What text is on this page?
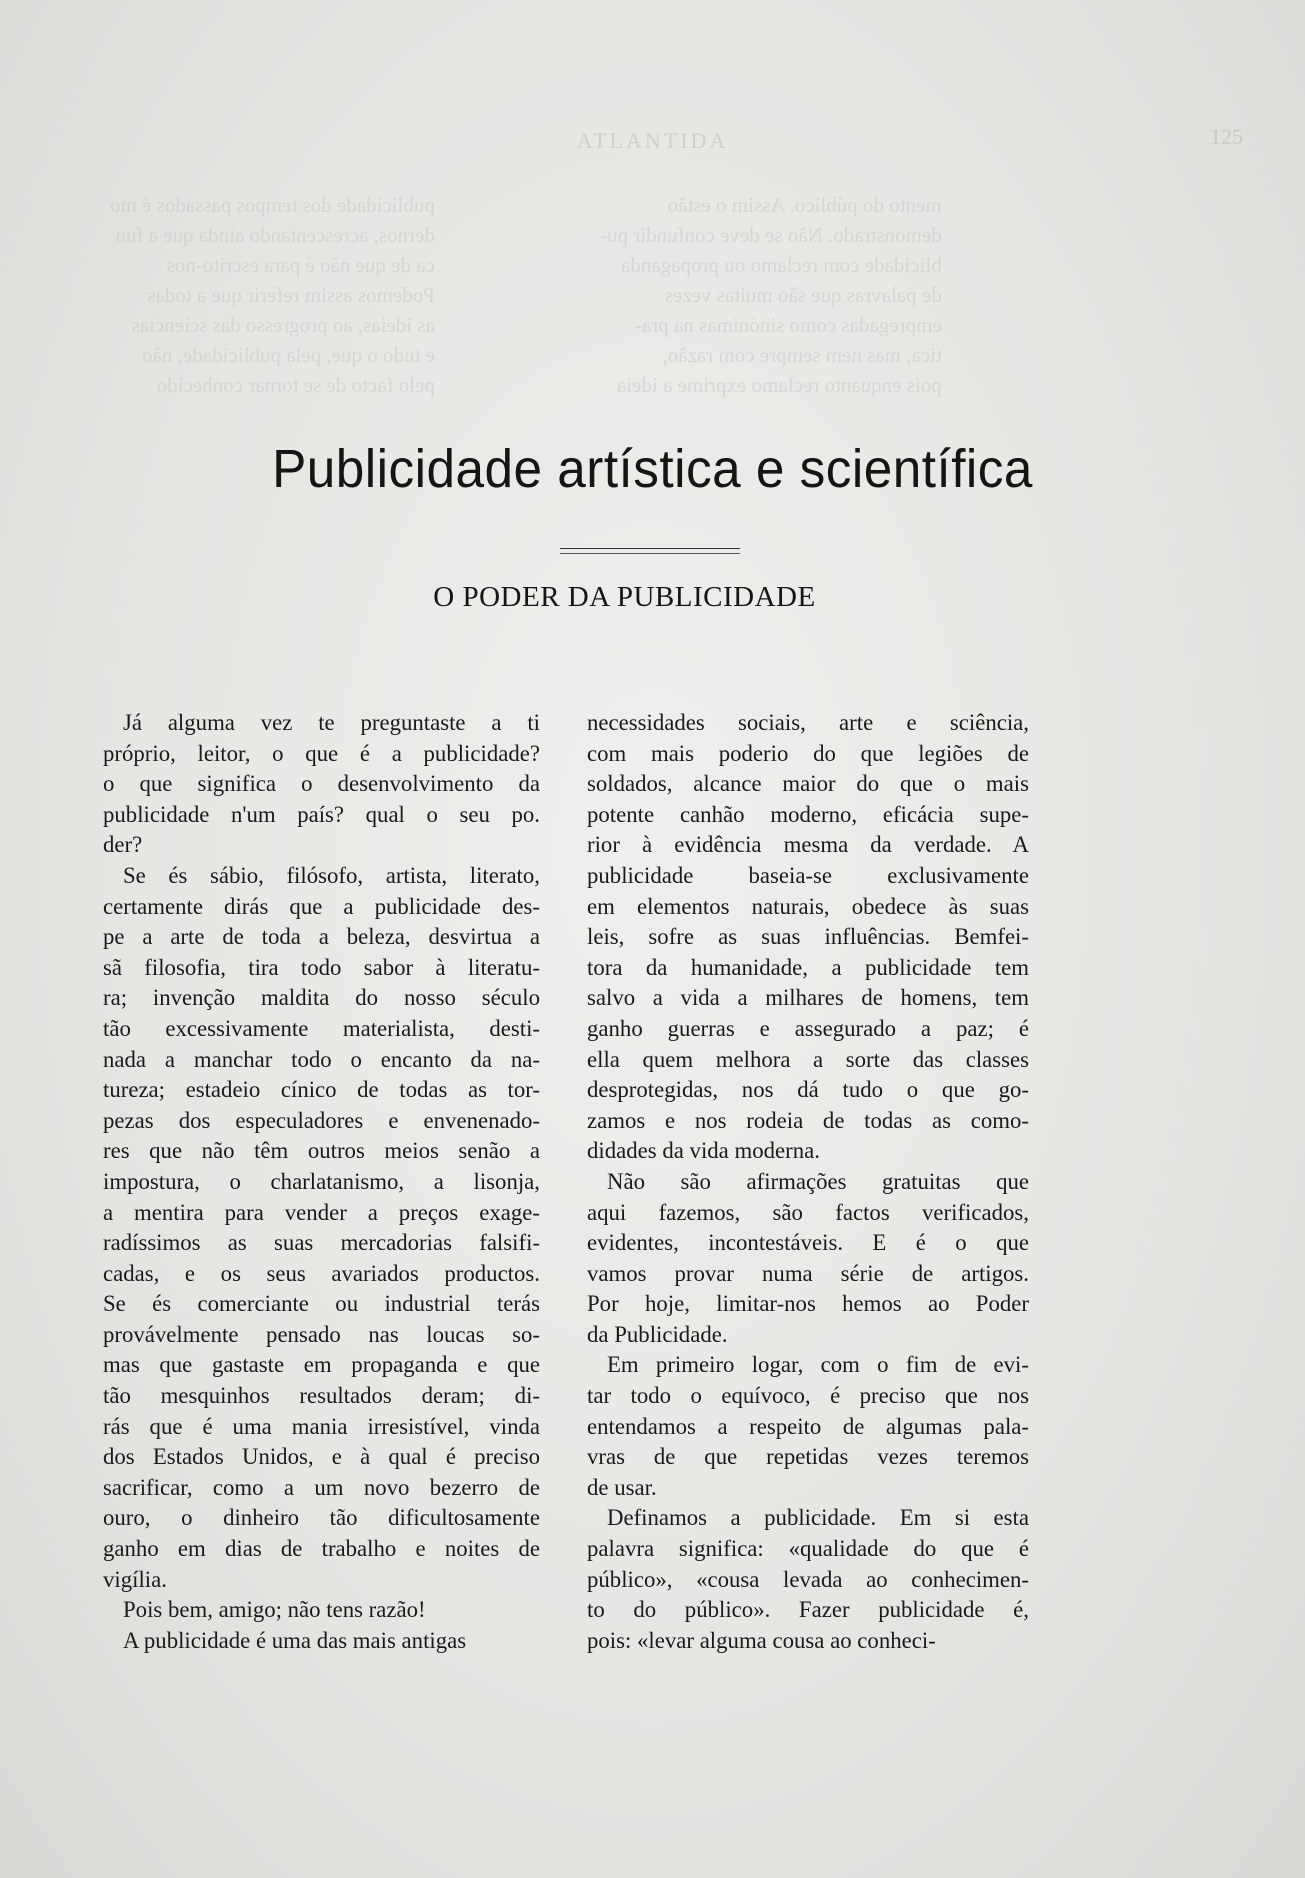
publicidade dos tempos passados é mo
dernos, acrescentando ainda que a fun
ca de que não é para escrito-nos
Podemos assim referir que a todas
as ideias, ao progresso das sciencias
e tudo o que, pela publicidade, não
pelo facto de se tornar conhecido
mento do público. Assim o estão
demonstrado. Não se deve confundir pu-
blicidade com reclamo ou propaganda
de palavras que são muitas vezes
empregadas como sinónimas na pra-
tica, mas nem sempre com razão,
pois enquanto reclamo exprime a ideia
ATLANTIDA	125
Publicidade artística e scientífica
O PODER DA PUBLICIDADE
Já alguma vez te preguntaste a ti
próprio, leitor, o que é a publicidade?
o que significa o desenvolvimento da
publicidade n'um país? qual o seu po.
der?
Se és sábio, filósofo, artista, literato,
certamente dirás que a publicidade des-
pe a arte de toda a beleza, desvirtua a
sã filosofia, tira todo sabor à literatu-
ra; invenção maldita do nosso século
tão excessivamente materialista, desti-
nada a manchar todo o encanto da na-
tureza; estadeio cínico de todas as tor-
pezas dos especuladores e envenenado-
res que não têm outros meios senão a
impostura, o charlatanismo, a lisonja,
a mentira para vender a preços exage-
radíssimos as suas mercadorias falsifi-
cadas, e os seus avariados productos.
Se és comerciante ou industrial terás
provávelmente pensado nas loucas so-
mas que gastaste em propaganda e que
tão mesquinhos resultados deram; di-
rás que é uma mania irresistível, vinda
dos Estados Unidos, e à qual é preciso
sacrificar, como a um novo bezerro de
ouro, o dinheiro tão dificultosamente
ganho em dias de trabalho e noites de
vigília.
Pois bem, amigo; não tens razão!
A publicidade é uma das mais antigas
necessidades sociais, arte e sciência,
com mais poderio do que legiões de
soldados, alcance maior do que o mais
potente canhão moderno, eficácia supe-
rior à evidência mesma da verdade. A
publicidade baseia-se exclusivamente
em elementos naturais, obedece às suas
leis, sofre as suas influências. Bemfei-
tora da humanidade, a publicidade tem
salvo a vida a milhares de homens, tem
ganho guerras e assegurado a paz; é
ella quem melhora a sorte das classes
desprotegidas, nos dá tudo o que go-
zamos e nos rodeia de todas as como-
didades da vida moderna.
Não são afirmações gratuitas que
aqui fazemos, são factos verificados,
evidentes, incontestáveis. E é o que
vamos provar numa série de artigos.
Por hoje, limitar-nos hemos ao Poder
da Publicidade.
Em primeiro logar, com o fim de evi-
tar todo o equívoco, é preciso que nos
entendamos a respeito de algumas pala-
vras de que repetidas vezes teremos
de usar.
Definamos a publicidade. Em si esta
palavra significa: «qualidade do que é
público», «cousa levada ao conhecimen-
to do público». Fazer publicidade é,
pois: «levar alguma cousa ao conheci-
